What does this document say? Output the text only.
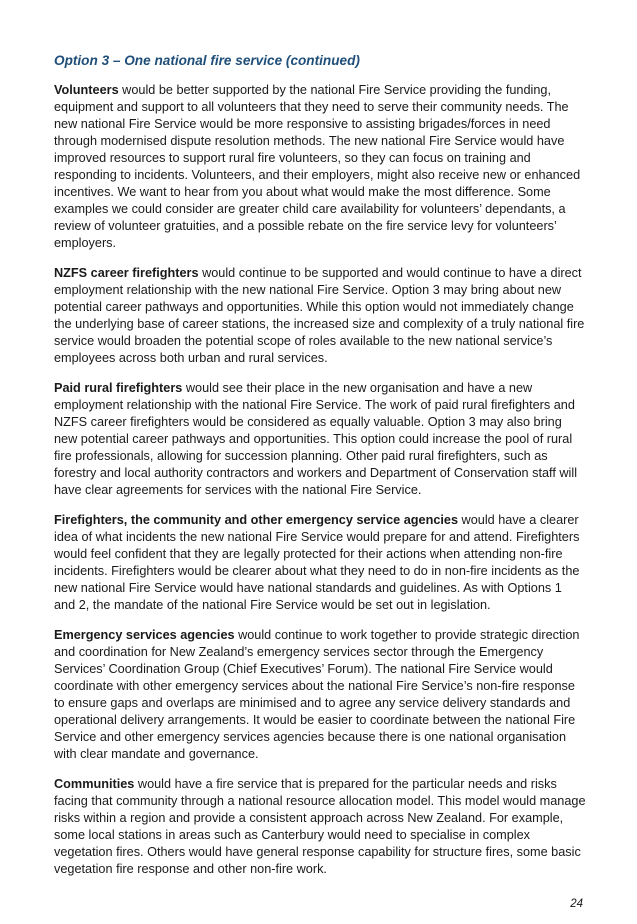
Option 3 – One national fire service (continued)

Volunteers would be better supported by the national Fire Service providing the funding, equipment and support to all volunteers that they need to serve their community needs. The new national Fire Service would be more responsive to assisting brigades/forces in need through modernised dispute resolution methods. The new national Fire Service would have improved resources to support rural fire volunteers, so they can focus on training and responding to incidents. Volunteers, and their employers, might also receive new or enhanced incentives. We want to hear from you about what would make the most difference. Some examples we could consider are greater child care availability for volunteers’ dependants, a review of volunteer gratuities, and a possible rebate on the fire service levy for volunteers’ employers.

NZFS career firefighters would continue to be supported and would continue to have a direct employment relationship with the new national Fire Service. Option 3 may bring about new potential career pathways and opportunities. While this option would not immediately change the underlying base of career stations, the increased size and complexity of a truly national fire service would broaden the potential scope of roles available to the new national service’s employees across both urban and rural services.

Paid rural firefighters would see their place in the new organisation and have a new employment relationship with the national Fire Service. The work of paid rural firefighters and NZFS career firefighters would be considered as equally valuable. Option 3 may also bring new potential career pathways and opportunities. This option could increase the pool of rural fire professionals, allowing for succession planning. Other paid rural firefighters, such as forestry and local authority contractors and workers and Department of Conservation staff will have clear agreements for services with the national Fire Service.

Firefighters, the community and other emergency service agencies would have a clearer idea of what incidents the new national Fire Service would prepare for and attend. Firefighters would feel confident that they are legally protected for their actions when attending non-fire incidents. Firefighters would be clearer about what they need to do in non-fire incidents as the new national Fire Service would have national standards and guidelines. As with Options 1 and 2, the mandate of the national Fire Service would be set out in legislation.

Emergency services agencies would continue to work together to provide strategic direction and coordination for New Zealand’s emergency services sector through the Emergency Services’ Coordination Group (Chief Executives’ Forum). The national Fire Service would coordinate with other emergency services about the national Fire Service’s non-fire response to ensure gaps and overlaps are minimised and to agree any service delivery standards and operational delivery arrangements. It would be easier to coordinate between the national Fire Service and other emergency services agencies because there is one national organisation with clear mandate and governance.

Communities would have a fire service that is prepared for the particular needs and risks facing that community through a national resource allocation model. This model would manage risks within a region and provide a consistent approach across New Zealand. For example, some local stations in areas such as Canterbury would need to specialise in complex vegetation fires. Others would have general response capability for structure fires, some basic vegetation fire response and other non-fire work.

24
